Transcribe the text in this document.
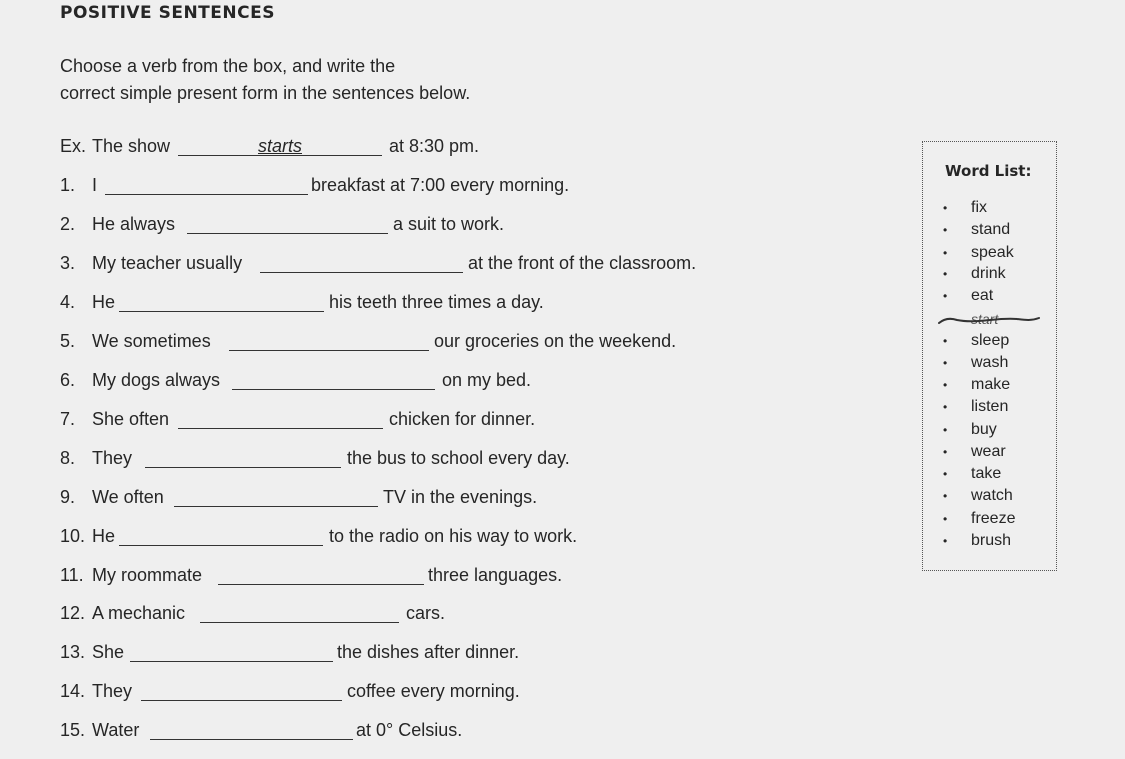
POSITIVE SENTENCES
Choose a verb from the box, and write the
correct simple present form in the sentences below.
Ex. The show	starts	at 8:30 pm.
1. I	breakfast at 7:00 every morning.
2. He always	a suit to work.
3. My teacher usually	at the front of the classroom.
4. He	his teeth three times a day.
5. We sometimes	our groceries on the weekend.
6. My dogs always	on my bed.
7. She often	chicken for dinner.
8. They	the bus to school every day.
9. We often	TV in the evenings.
10. He	to the radio on his way to work.
11. My roommate	three languages.
12. A mechanic	cars.
13. She	the dishes after dinner.
14. They	coffee every morning.
15. Water	at 0° Celsius.
Word List:
• fix
• stand
• speak
• drink
• eat
start
• sleep
• wash
• make
• listen
• buy
• wear
• take
• watch
• freeze
• brush
